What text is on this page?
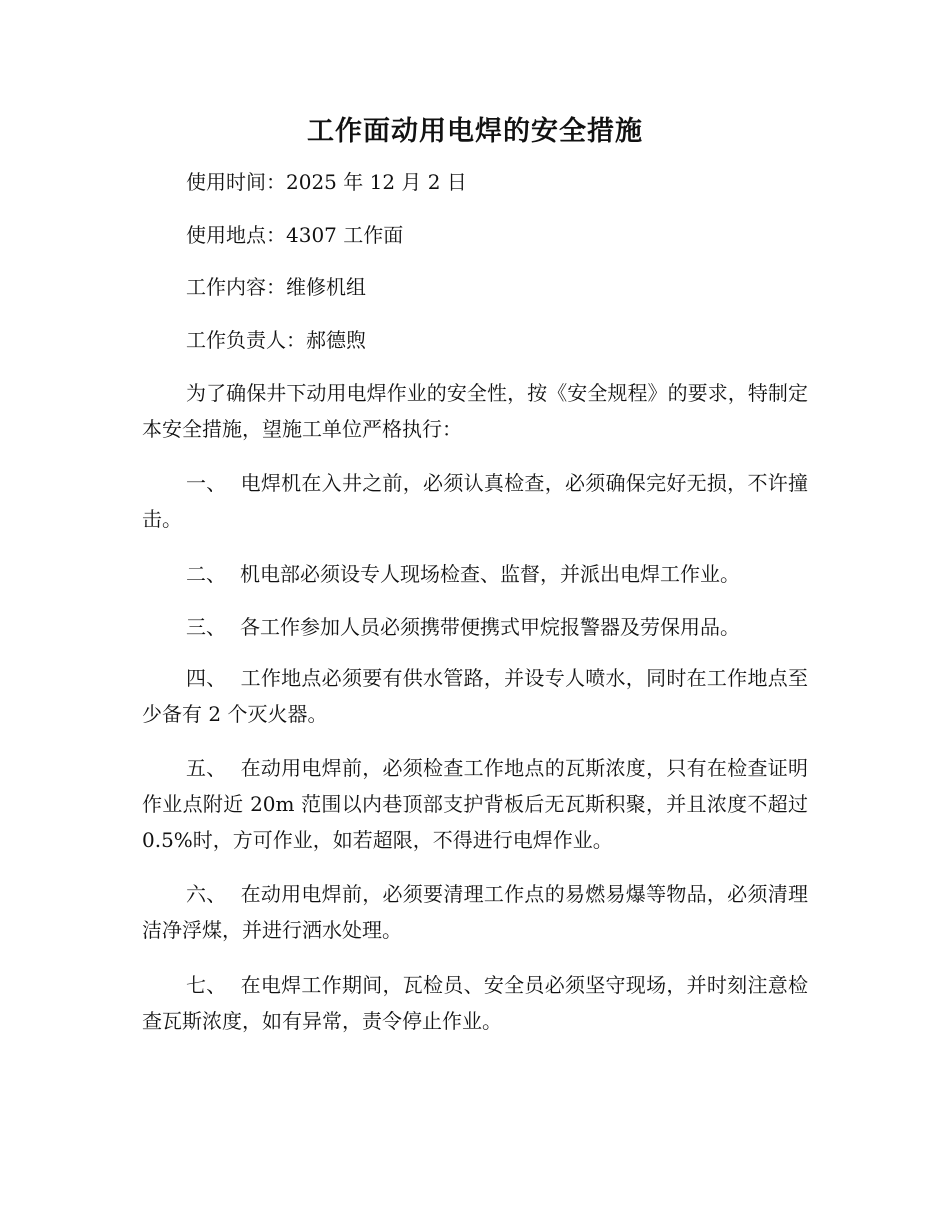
工作面动用电焊的安全措施

使用时间：2025 年 12 月 2 日

使用地点：4307 工作面

工作内容：维修机组

工作负责人：郝德煦

为了确保井下动用电焊作业的安全性，按《安全规程》的要求，特制定本安全措施，望施工单位严格执行：

一、 电焊机在入井之前，必须认真检查，必须确保完好无损，不许撞击。

二、 机电部必须设专人现场检查、监督，并派出电焊工作业。

三、 各工作参加人员必须携带便携式甲烷报警器及劳保用品。

四、 工作地点必须要有供水管路，并设专人喷水，同时在工作地点至 少备有 2 个灭火器。

五、 在动用电焊前，必须检查工作地点的瓦斯浓度，只有在检查证明作业点附近 20m 范围以内巷顶部支护背板后无瓦斯积聚，并且浓度不超过 0.5%时，方可作业，如若超限，不得进行电焊作业。

六、 在动用电焊前，必须要清理工作点的易燃易爆等物品，必须清理洁净浮煤，并进行洒水处理。

七、 在电焊工作期间，瓦检员、安全员必须坚守现场，并时刻注意检查瓦斯浓度，如有异常，责令停止作业。
